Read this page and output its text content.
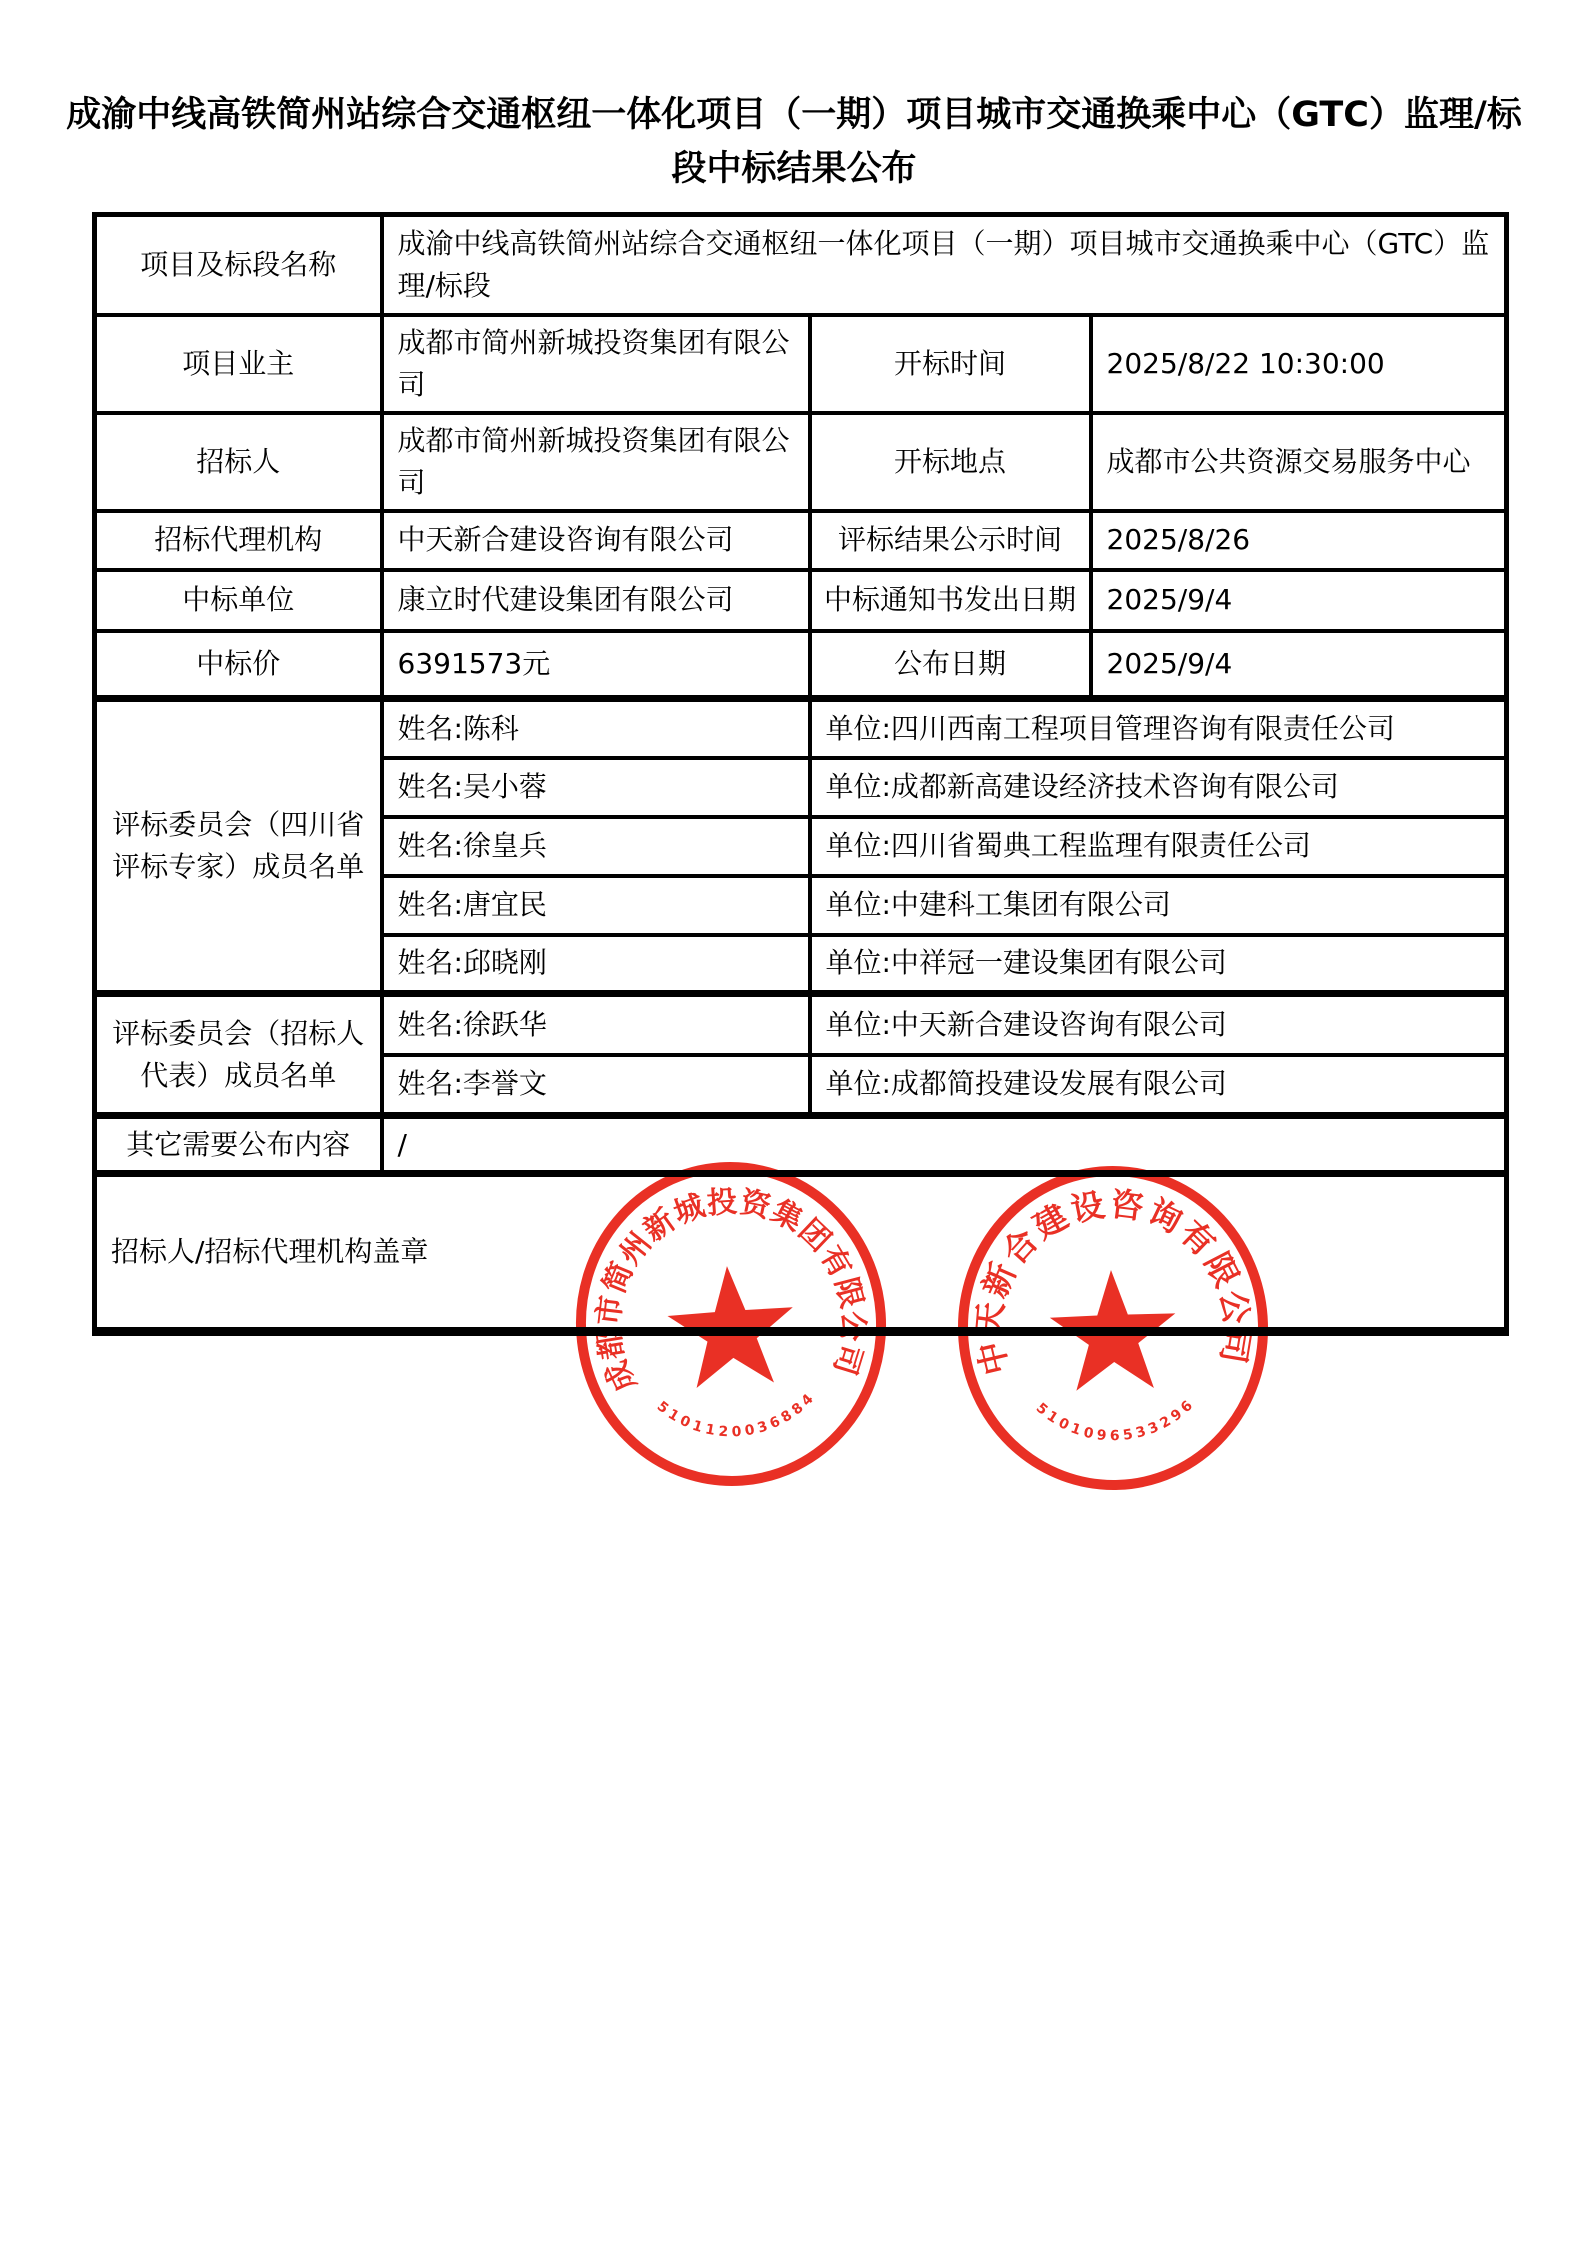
成渝中线高铁简州站综合交通枢纽一体化项目（一期）项目城市交通换乘中心（GTC）监理/标段中标结果公布
项目及标段名称	成渝中线高铁简州站综合交通枢纽一体化项目（一期）项目城市交通换乘中心（GTC）监理/标段		
项目业主	成都市简州新城投资集团有限公司	开标时间	2025/8/22 10:30:00
招标人	成都市简州新城投资集团有限公司	开标地点	成都市公共资源交易服务中心
招标代理机构	中天新合建设咨询有限公司	评标结果公示时间	2025/8/26
中标单位	康立时代建设集团有限公司	中标通知书发出日期	2025/9/4
中标价	6391573元	公布日期	2025/9/4
评标委员会（四川省评标专家）成员名单	姓名:陈科	单位:四川西南工程项目管理咨询有限责任公司	
	姓名:吴小蓉	单位:成都新高建设经济技术咨询有限公司	
	姓名:徐皇兵	单位:四川省蜀典工程监理有限责任公司	
	姓名:唐宜民	单位:中建科工集团有限公司	
	姓名:邱晓刚	单位:中祥冠一建设集团有限公司	
评标委员会（招标人代表）成员名单	姓名:徐跃华	单位:中天新合建设咨询有限公司	
	姓名:李誉文	单位:成都简投建设发展有限公司	
其它需要公布内容	/		
招标人/招标代理机构盖章			
成都市简州新城投资集团有限公司
5101120036884
中天新合建设咨询有限公司
5101096533296
